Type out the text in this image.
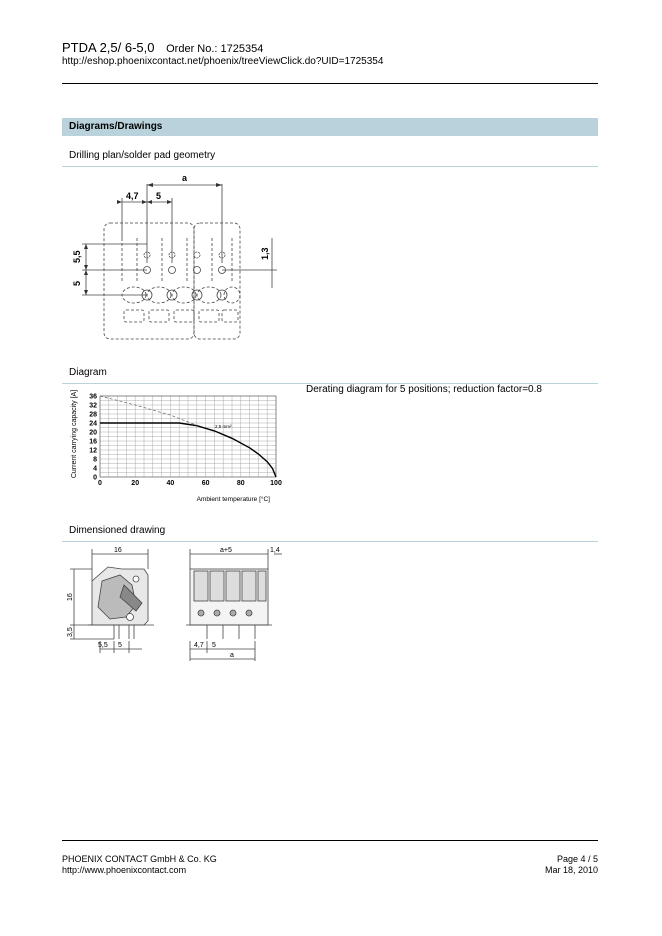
PTDA 2,5/ 6-5,0 Order No.: 1725354
http://eshop.phoenixcontact.net/phoenix/treeViewClick.do?UID=1725354
Diagrams/Drawings
Drilling plan/solder pad geometry
a
4,7 5
5,5
5
1,3
Diagram
Derating diagram for 5 positions; reduction factor=0.8
0
4
8
12
16
20
24
28
32
36
0	20	40	60	80	100
Current carrying capacity [A]
Ambient temperature [°C]
2,5 mm²
Dimensioned drawing
16
16
3,5
5,5 5
a+5	1,4
4,7 5
a
PHOENIX CONTACT GmbH & Co. KG
http://www.phoenixcontact.com
Page 4 / 5
Mar 18, 2010
